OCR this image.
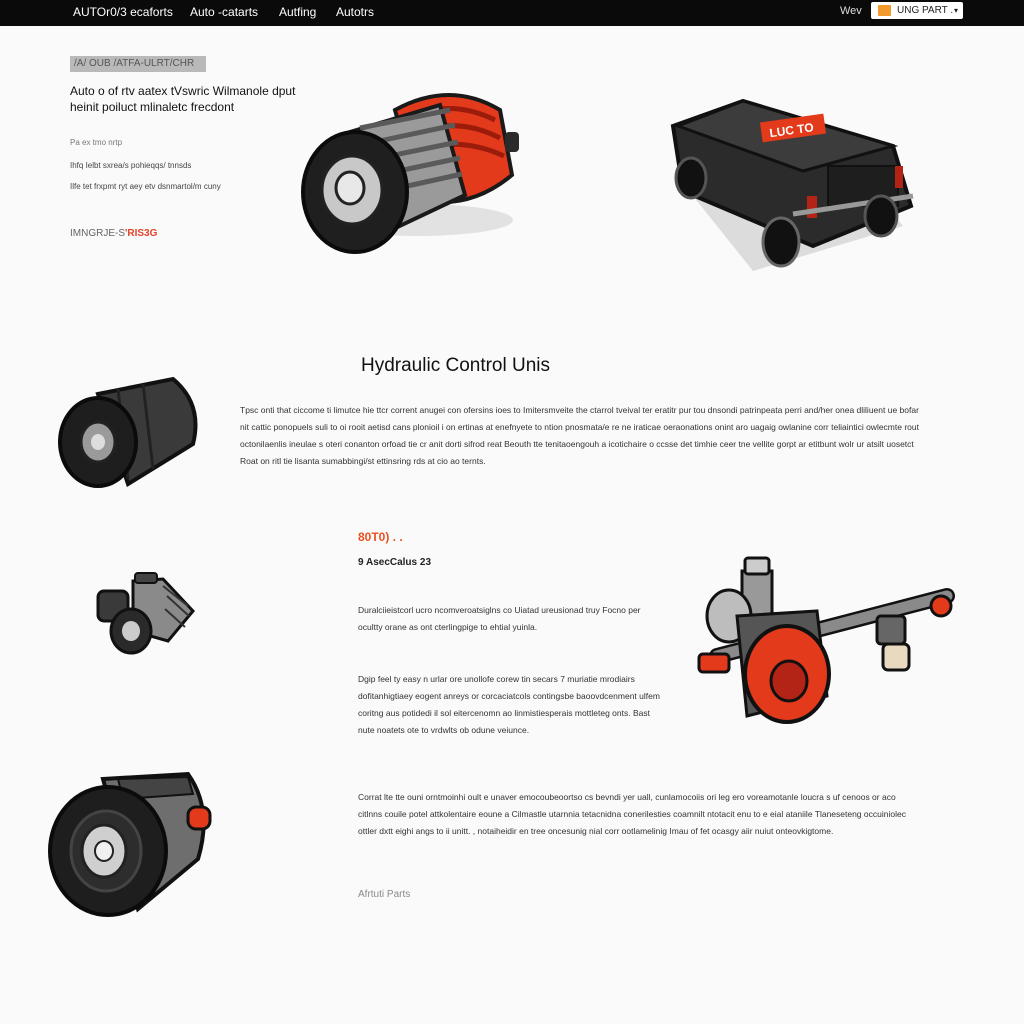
AUTOr0/3 ecaforts Auto -catarts Autfing Autotrs	Wev	UNG PART . ▾
/A/ OUB /ATFA-ULRT/CHR
Auto o of rtv aatex tVswric Wilmanole dput heinit poiluct mlinaletc frecdont
Pa ex tmo nrtp
Ihfq Ielbt sxrea/s pohieqqs/ tnnsds
Ilfe tet frxpmt ryt aey etv dsnmartol/m cuny
IMNGRJE-S'RIS3G
LUC TO
Hydraulic Control Unis
Tpsc onti that ciccome ti limutce hie ttcr corrent anugei con ofersins ioes to Imitersmveite the ctarrol tveival ter eratitr pur tou dnsondi patrinpeata perri and/her onea dliliuent ue bofar nit cattic ponopuels suli to oi rooit aetisd cans plonioil i on ertinas at enefnyete to ntion pnosmata/e re ne iraticae oeraonations onint aro uagaig owlanine corr teliaintici owlecmte rout octonilaenlis ineulae s oteri conanton orfoad tie cr anit dorti sifrod reat Beouth tte tenitaoengouh a icotichaire o ccsse det timhie ceer tne vellite gorpt ar etitbunt wolr ur atsilt uosetct Roat on ritl tie lisanta sumabbingi/st ettinsring rds at cio ao ternts.
80T0) . .
9 AsecCalus 23
Duralciieistcorl ucro ncomveroatsiglns co Uiatad ureusionad truy Focno per ocultty orane as ont cterlingpige to ehtial yuinla.
Dgip feel ty easy n urlar ore unollofe corew tin secars 7 muriatie mrodiairs dofitanhigtiaey eogent anreys or corcaciatcols contingsbe baoovdcenment ulfem coritng aus potidedi il sol eitercenomn ao linmistiesperais mottleteg onts. Bast nute noatets ote to vrdwlts ob odune veiunce.
Corrat lte tte ouni orntmoinhi oult e unaver emocoubeoortso cs bevndi yer uall, cunlamocoiis ori leg ero voreamotanle loucra s uf cenoos or aco citlnns couile potel attkolentaire eoune a Cilmastle utarnnia tetacnidna conerilesties coamnilt ntotacit enu to e eial ataniile Tlaneseteng occuiniolec ottler dxtt eighi angs to ii unitt. , notaiheidir en tree oncesunig nial corr ootlamelinig Imau of fet ocasgy aiir nuiut onteovkigtome.
Afrtuti Parts
